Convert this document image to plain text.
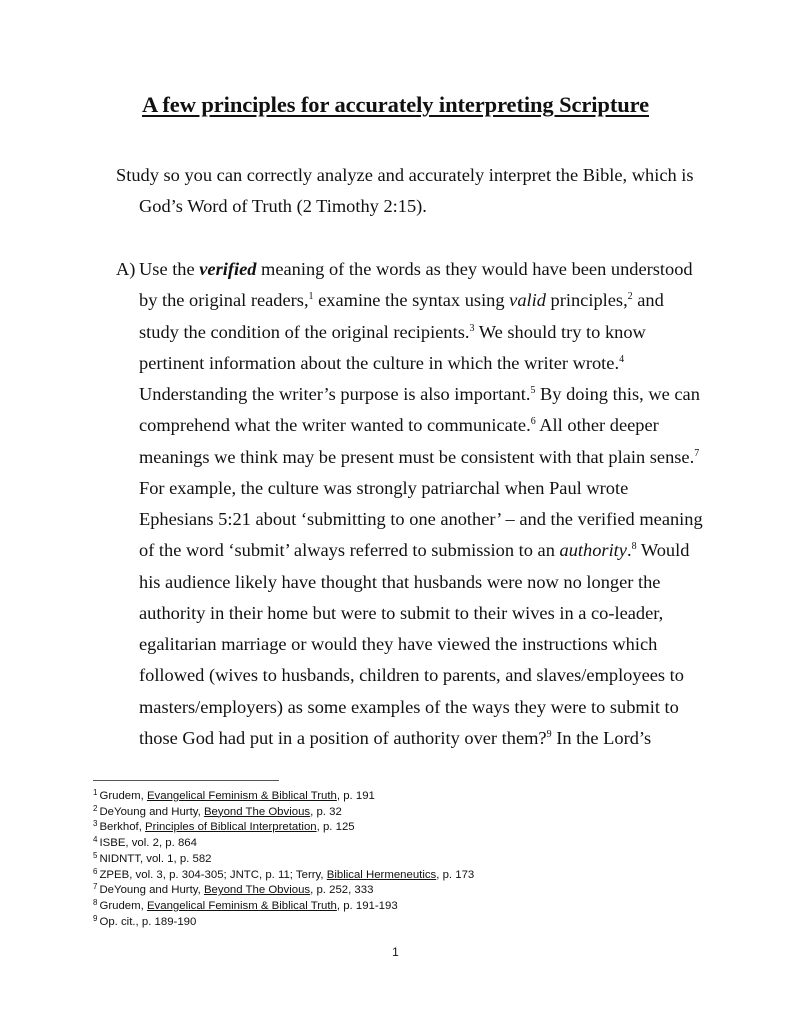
A few principles for accurately interpreting Scripture
Study so you can correctly analyze and accurately interpret the Bible, which is
God’s Word of Truth (2 Timothy 2:15).
A) Use the verified meaning of the words as they would have been understood
by the original readers,$^1$ examine the syntax using valid principles,$^2$ and
study the condition of the original recipients.$^3$ We should try to know
pertinent information about the culture in which the writer wrote.$^4$
Understanding the writer’s purpose is also important.$^5$ By doing this, we can
comprehend what the writer wanted to communicate.$^6$ All other deeper
meanings we think may be present must be consistent with that plain sense.$^7$
For example, the culture was strongly patriarchal when Paul wrote
Ephesians 5:21 about ‘submitting to one another’ – and the verified meaning
of the word ‘submit’ always referred to submission to an authority.$^8$ Would
his audience likely have thought that husbands were now no longer the
authority in their home but were to submit to their wives in a co-leader,
egalitarian marriage or would they have viewed the instructions which
followed (wives to husbands, children to parents, and slaves/employees to
masters/employers) as some examples of the ways they were to submit to
those God had put in a position of authority over them?$^9$ In the Lord’s
$^1$ Grudem, Evangelical Feminism & Biblical Truth, p. 191
$^2$ DeYoung and Hurty, Beyond The Obvious, p. 32
$^3$ Berkhof, Principles of Biblical Interpretation, p. 125
$^4$ ISBE, vol. 2, p. 864
$^5$ NIDNTT, vol. 1, p. 582
$^6$ ZPEB, vol. 3, p. 304-305; JNTC, p. 11; Terry, Biblical Hermeneutics, p. 173
$^7$ DeYoung and Hurty, Beyond The Obvious, p. 252, 333
$^8$ Grudem, Evangelical Feminism & Biblical Truth, p. 191-193
$^9$ Op. cit., p. 189-190
1
